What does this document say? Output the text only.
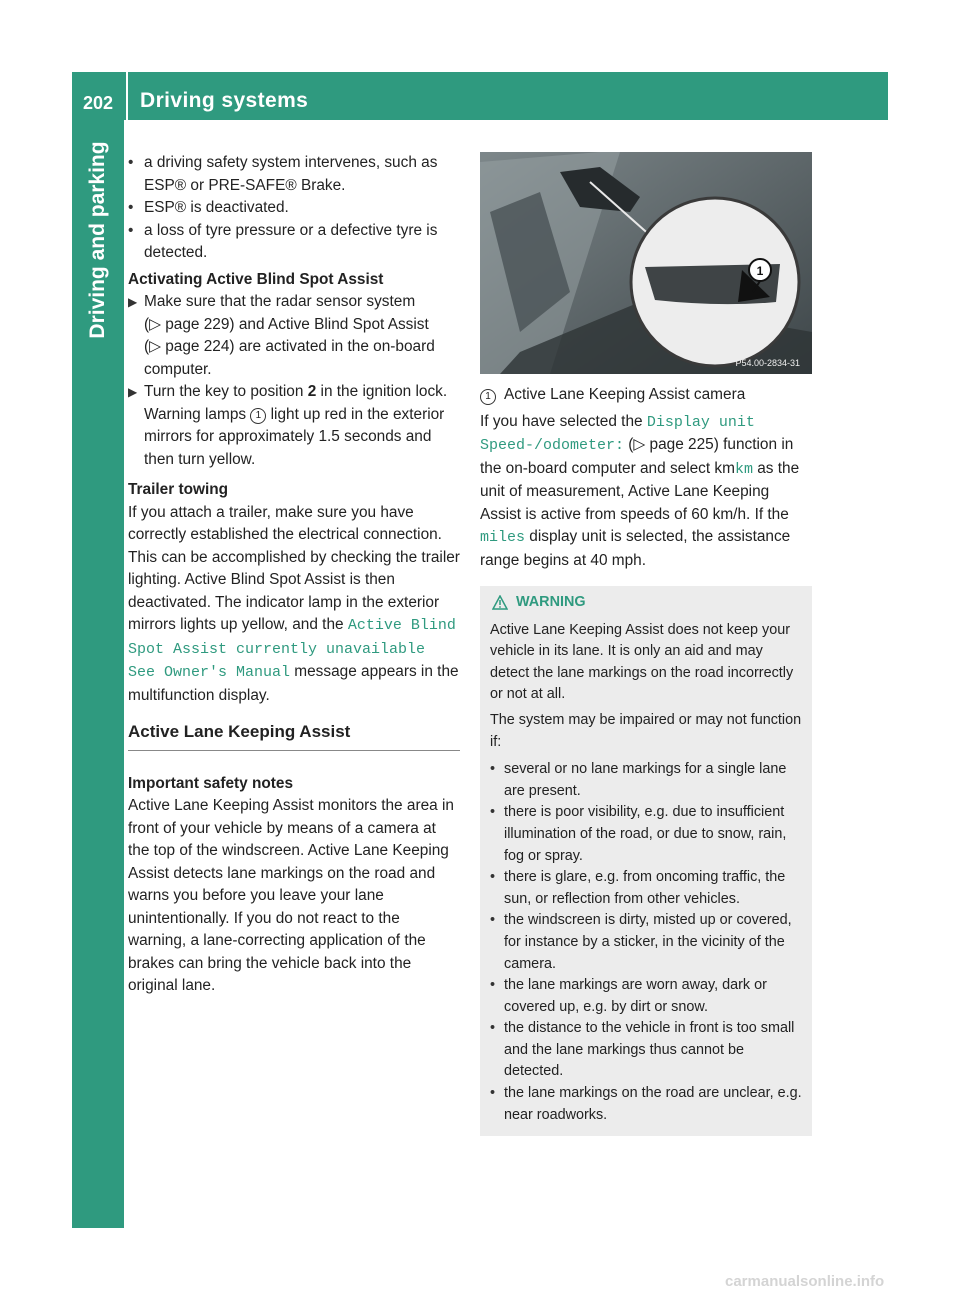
202	Driving systems
Driving and parking • a driving safety system intervenes, such as ESP® or PRE-SAFE® Brake.
• ESP® is deactivated.
• a loss of tyre pressure or a defective tyre is detected.

Activating Active Blind Spot Assist

▶ Make sure that the radar sensor system
(▷ page 229) and Active Blind Spot Assist
(▷ page 224) are activated in the on-board
computer.
▶ Turn the key to position 2 in the ignition lock.
Warning lamps 1 light up red in the exterior mirrors for approximately 1.5 seconds and then turn yellow.

Trailer towing

If you attach a trailer, make sure you have correctly established the electrical connection. This can be accomplished by checking the trailer lighting. Active Blind Spot Assist is then deactivated. The indicator lamp in the exterior mirrors lights up yellow, and the Active Blind Spot Assist currently unavailable See Owner's Manual message appears in the multifunction display.

Active Lane Keeping Assist

Important safety notes

Active Lane Keeping Assist monitors the area in front of your vehicle by means of a camera at the top of the windscreen. Active Lane Keeping Assist detects lane markings on the road and warns you before you leave your lane unintentionally. If you do not react to the warning, a lane-correcting application of the brakes can bring the vehicle back into the original lane.

1
P54.00-2834-31
1 Active Lane Keeping Assist camera

If you have selected the Display unit Speed-/odometer: (▷ page 225) function in the on-board computer and select kmkm as the unit of measurement, Active Lane Keeping Assist is active from speeds of 60 km/h. If the miles display unit is selected, the assistance range begins at 40 mph.

WARNING

Active Lane Keeping Assist does not keep your vehicle in its lane. It is only an aid and may detect the lane markings on the road incorrectly or not at all.

The system may be impaired or may not function if:

• several or no lane markings for a single lane are present.
• there is poor visibility, e.g. due to insufficient illumination of the road, or due to snow, rain, fog or spray.
• there is glare, e.g. from oncoming traffic, the sun, or reflection from other vehicles.
• the windscreen is dirty, misted up or covered, for instance by a sticker, in the vicinity of the camera.
• the lane markings are worn away, dark or covered up, e.g. by dirt or snow.
• the distance to the vehicle in front is too small and the lane markings thus cannot be detected.
• the lane markings on the road are unclear, e.g. near roadworks.
carmanualsonline.info
